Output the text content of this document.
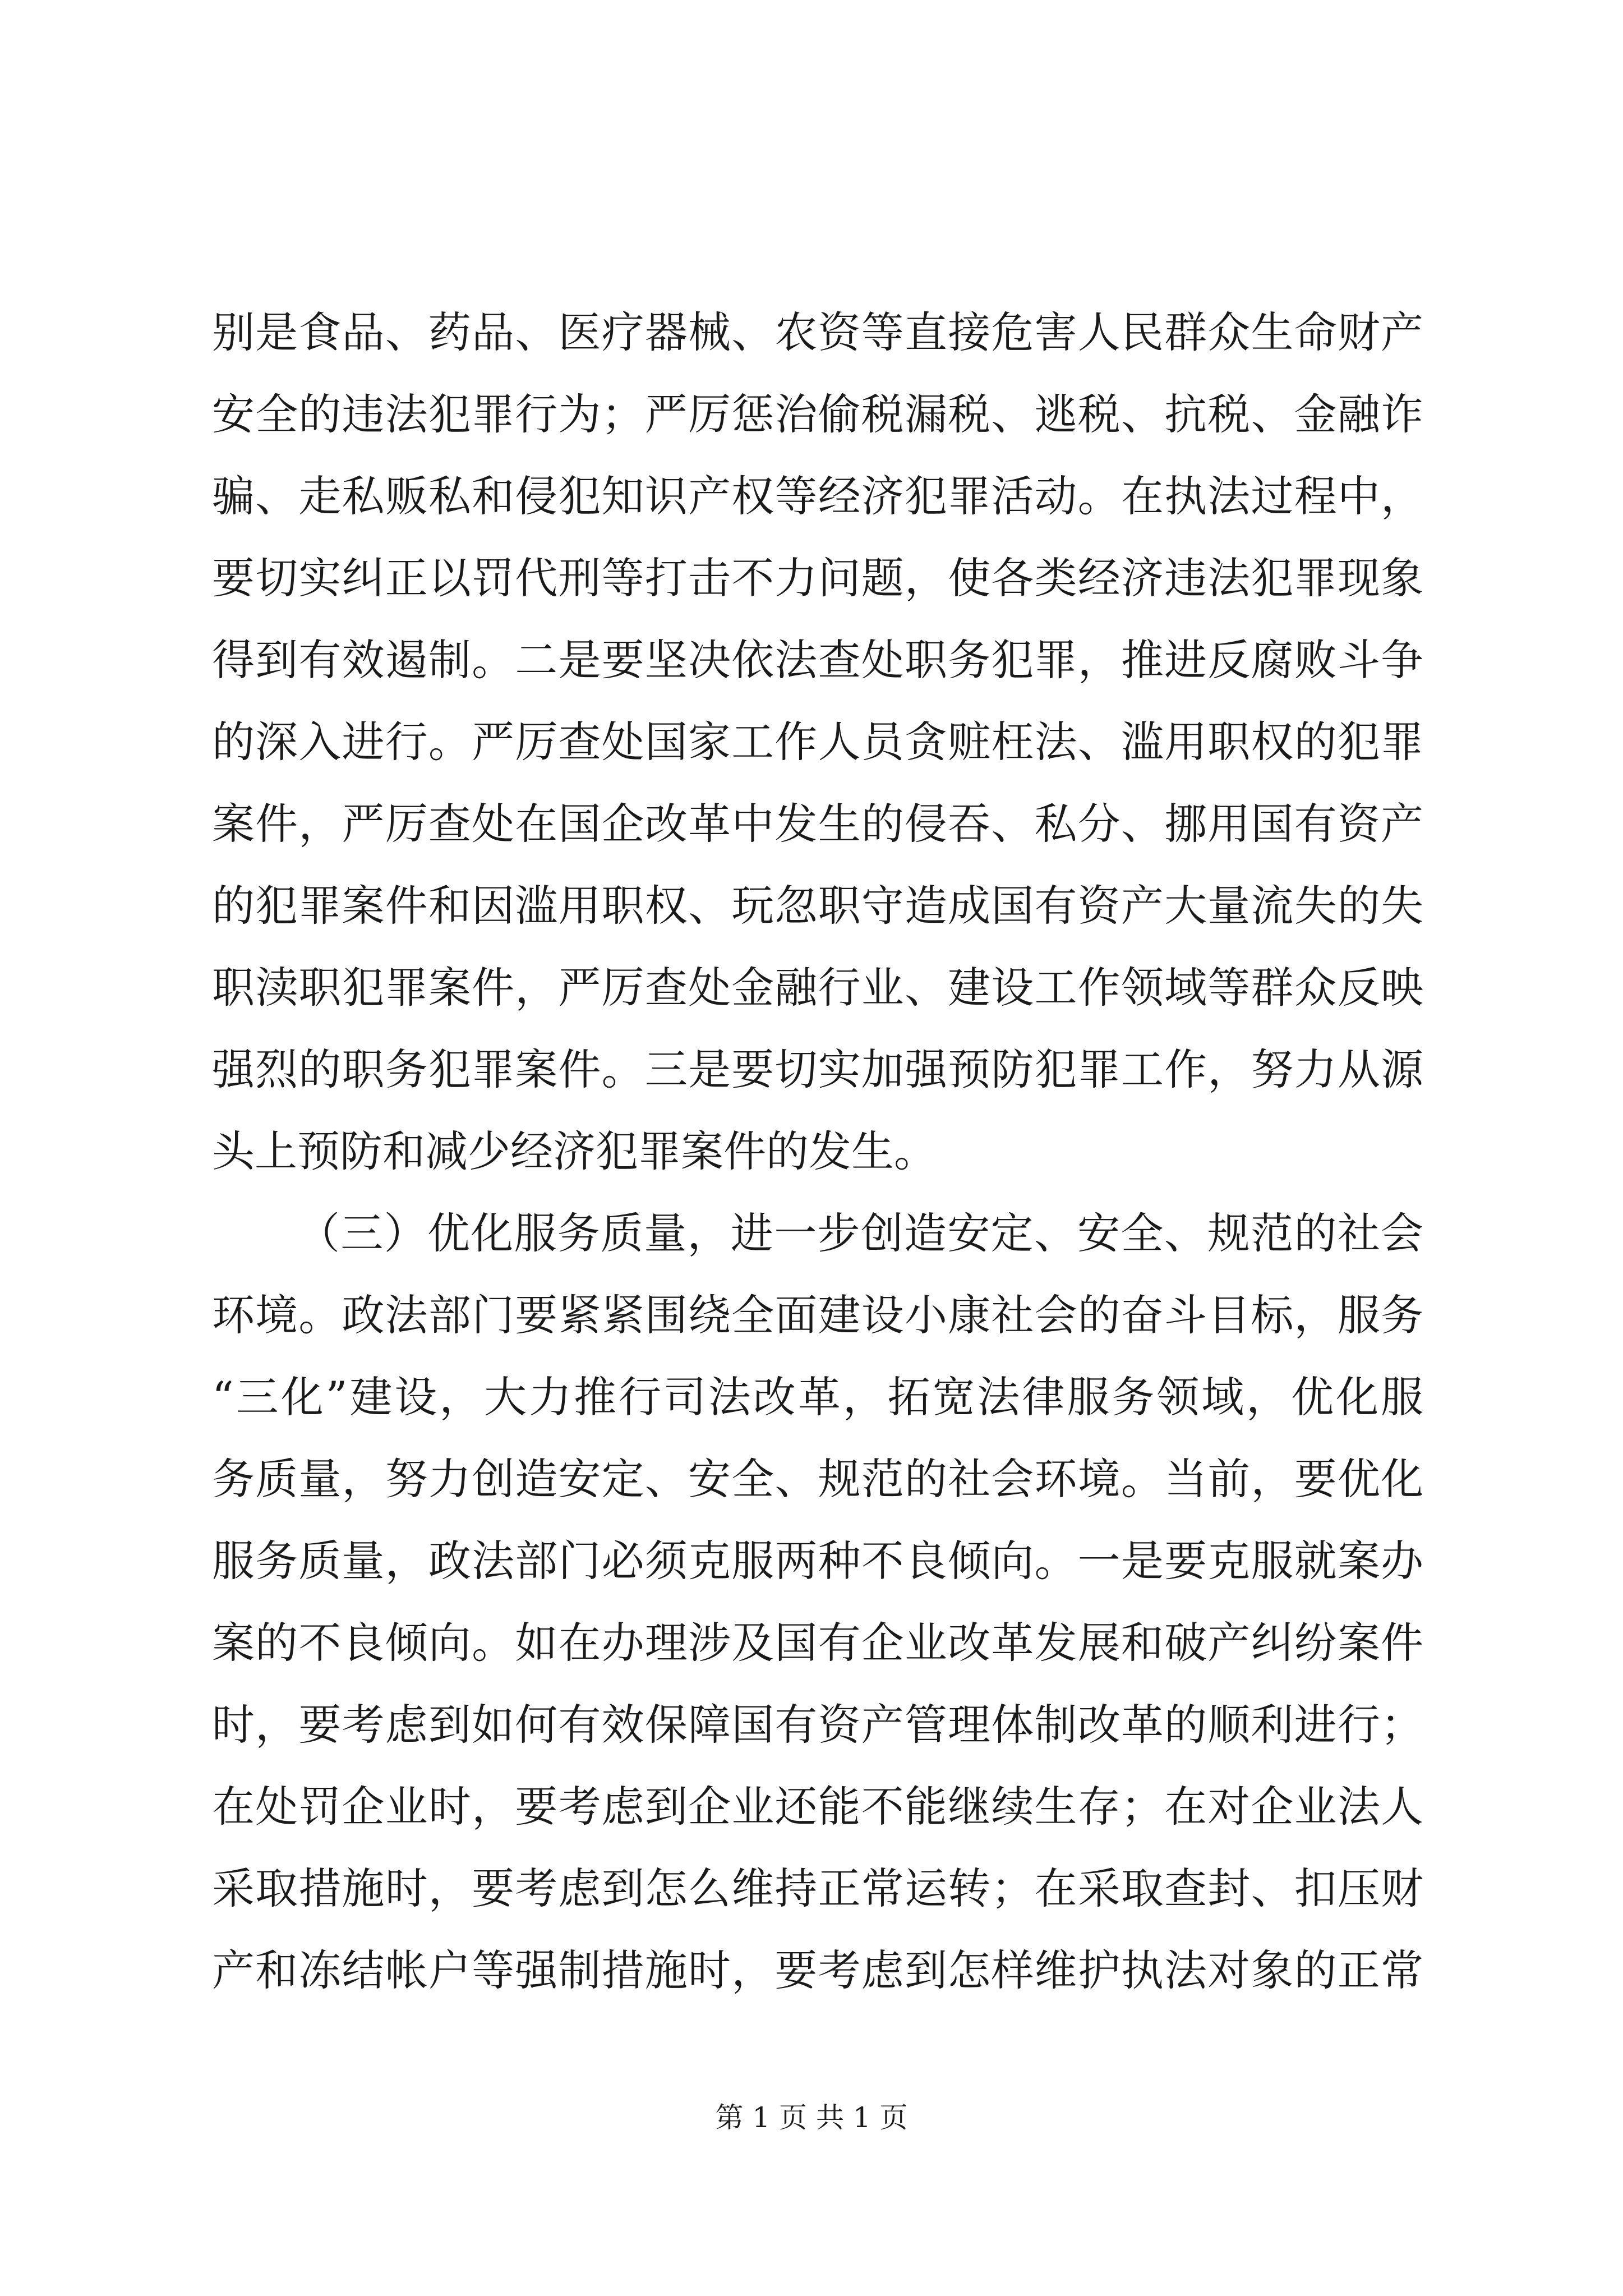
别是食品、药品、医疗器械、农资等直接危害人民群众生命财产
安全的违法犯罪行为；严厉惩治偷税漏税、逃税、抗税、金融诈
骗、走私贩私和侵犯知识产权等经济犯罪活动。在执法过程中，
要切实纠正以罚代刑等打击不力问题，使各类经济违法犯罪现象
得到有效遏制。二是要坚决依法查处职务犯罪，推进反腐败斗争
的深入进行。严厉查处国家工作人员贪赃枉法、滥用职权的犯罪
案件，严厉查处在国企改革中发生的侵吞、私分、挪用国有资产
的犯罪案件和因滥用职权、玩忽职守造成国有资产大量流失的失
职渎职犯罪案件，严厉查处金融行业、建设工作领域等群众反映
强烈的职务犯罪案件。三是要切实加强预防犯罪工作，努力从源
头上预防和减少经济犯罪案件的发生。
（三）优化服务质量，进一步创造安定、安全、规范的社会
环境。政法部门要紧紧围绕全面建设小康社会的奋斗目标，服务
“三化”建设，大力推行司法改革，拓宽法律服务领域，优化服
务质量，努力创造安定、安全、规范的社会环境。当前，要优化
服务质量，政法部门必须克服两种不良倾向。一是要克服就案办
案的不良倾向。如在办理涉及国有企业改革发展和破产纠纷案件
时，要考虑到如何有效保障国有资产管理体制改革的顺利进行；
在处罚企业时，要考虑到企业还能不能继续生存；在对企业法人
采取措施时，要考虑到怎么维持正常运转；在采取查封、扣压财
产和冻结帐户等强制措施时，要考虑到怎样维护执法对象的正常
第 1 页 共 1 页
